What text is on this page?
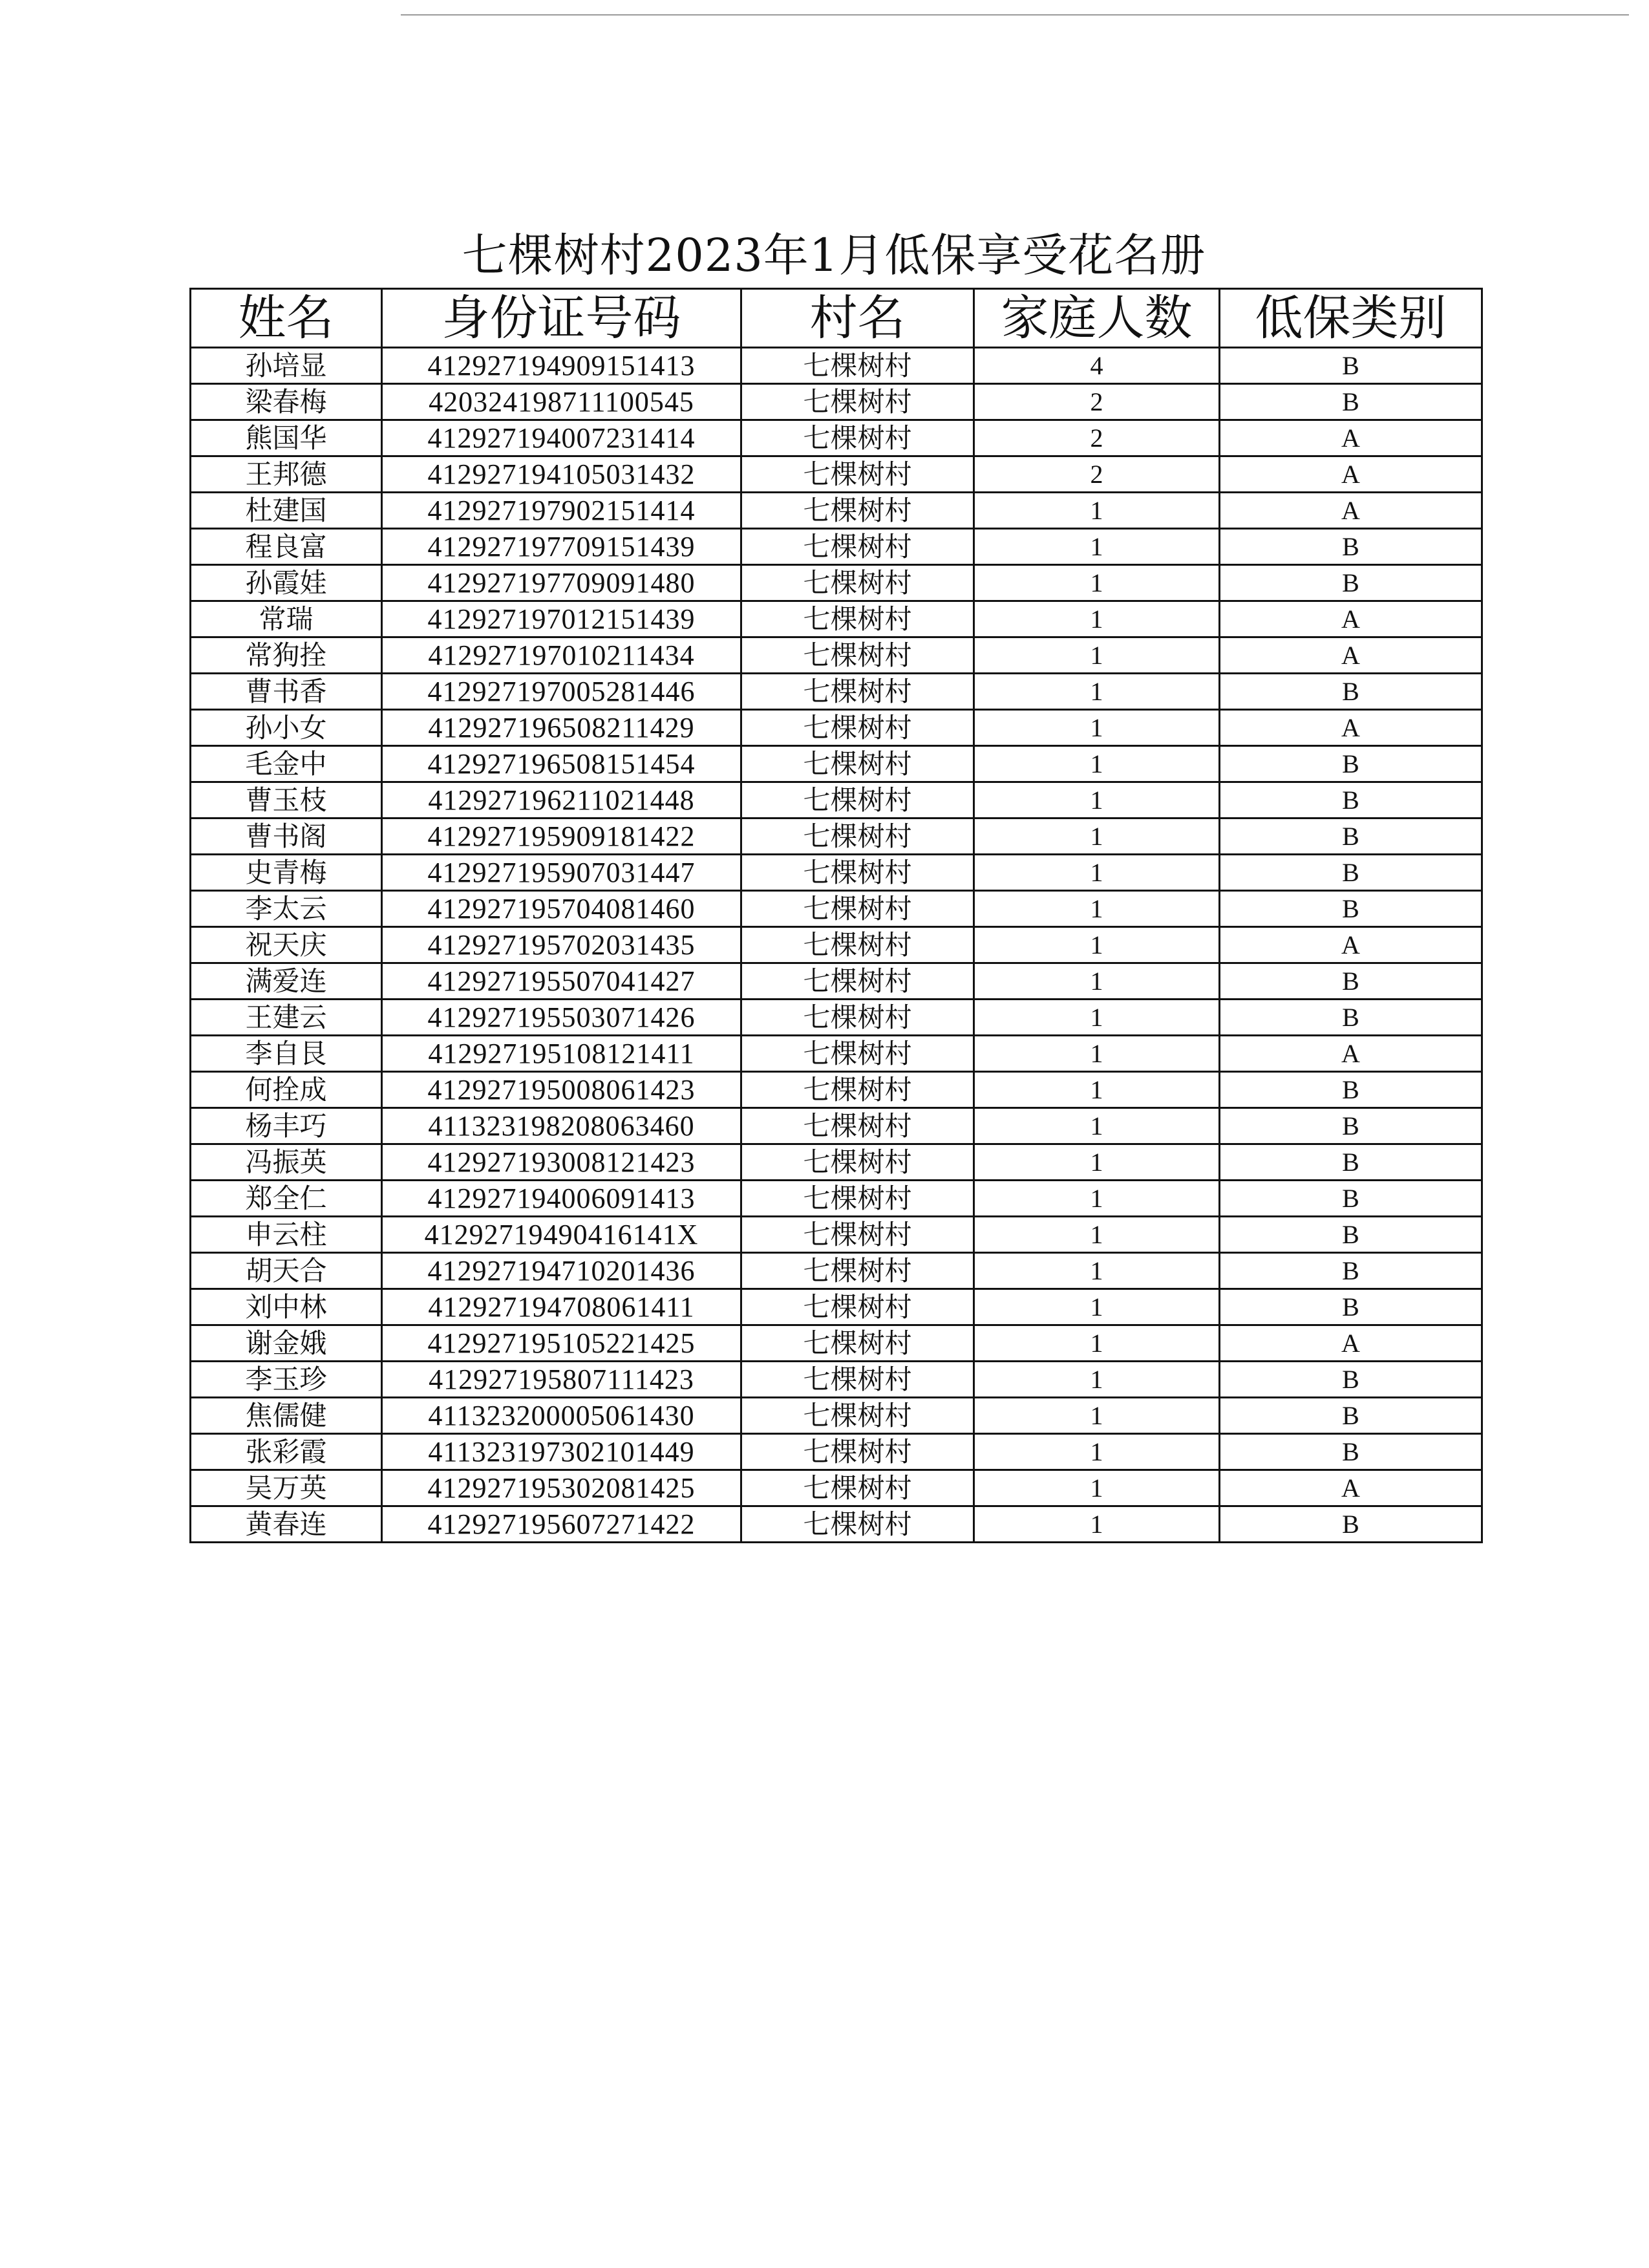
七棵树村2023年1月低保享受花名册
姓名	身份证号码	村名	家庭人数	低保类别
孙培显	412927194909151413	七棵树村	4	B
梁春梅	420324198711100545	七棵树村	2	B
熊国华	412927194007231414	七棵树村	2	A
王邦德	412927194105031432	七棵树村	2	A
杜建国	412927197902151414	七棵树村	1	A
程良富	412927197709151439	七棵树村	1	B
孙霞娃	412927197709091480	七棵树村	1	B
常瑞	412927197012151439	七棵树村	1	A
常狗拴	412927197010211434	七棵树村	1	A
曹书香	412927197005281446	七棵树村	1	B
孙小女	412927196508211429	七棵树村	1	A
毛金中	412927196508151454	七棵树村	1	B
曹玉枝	412927196211021448	七棵树村	1	B
曹书阁	412927195909181422	七棵树村	1	B
史青梅	412927195907031447	七棵树村	1	B
李太云	412927195704081460	七棵树村	1	B
祝天庆	412927195702031435	七棵树村	1	A
满爱连	412927195507041427	七棵树村	1	B
王建云	412927195503071426	七棵树村	1	B
李自艮	412927195108121411	七棵树村	1	A
何拴成	412927195008061423	七棵树村	1	B
杨丰巧	411323198208063460	七棵树村	1	B
冯振英	412927193008121423	七棵树村	1	B
郑全仁	412927194006091413	七棵树村	1	B
申云柱	41292719490416141X	七棵树村	1	B
胡天合	412927194710201436	七棵树村	1	B
刘中林	412927194708061411	七棵树村	1	B
谢金娥	412927195105221425	七棵树村	1	A
李玉珍	412927195807111423	七棵树村	1	B
焦儒健	411323200005061430	七棵树村	1	B
张彩霞	411323197302101449	七棵树村	1	B
吴万英	412927195302081425	七棵树村	1	A
黄春连	412927195607271422	七棵树村	1	B
